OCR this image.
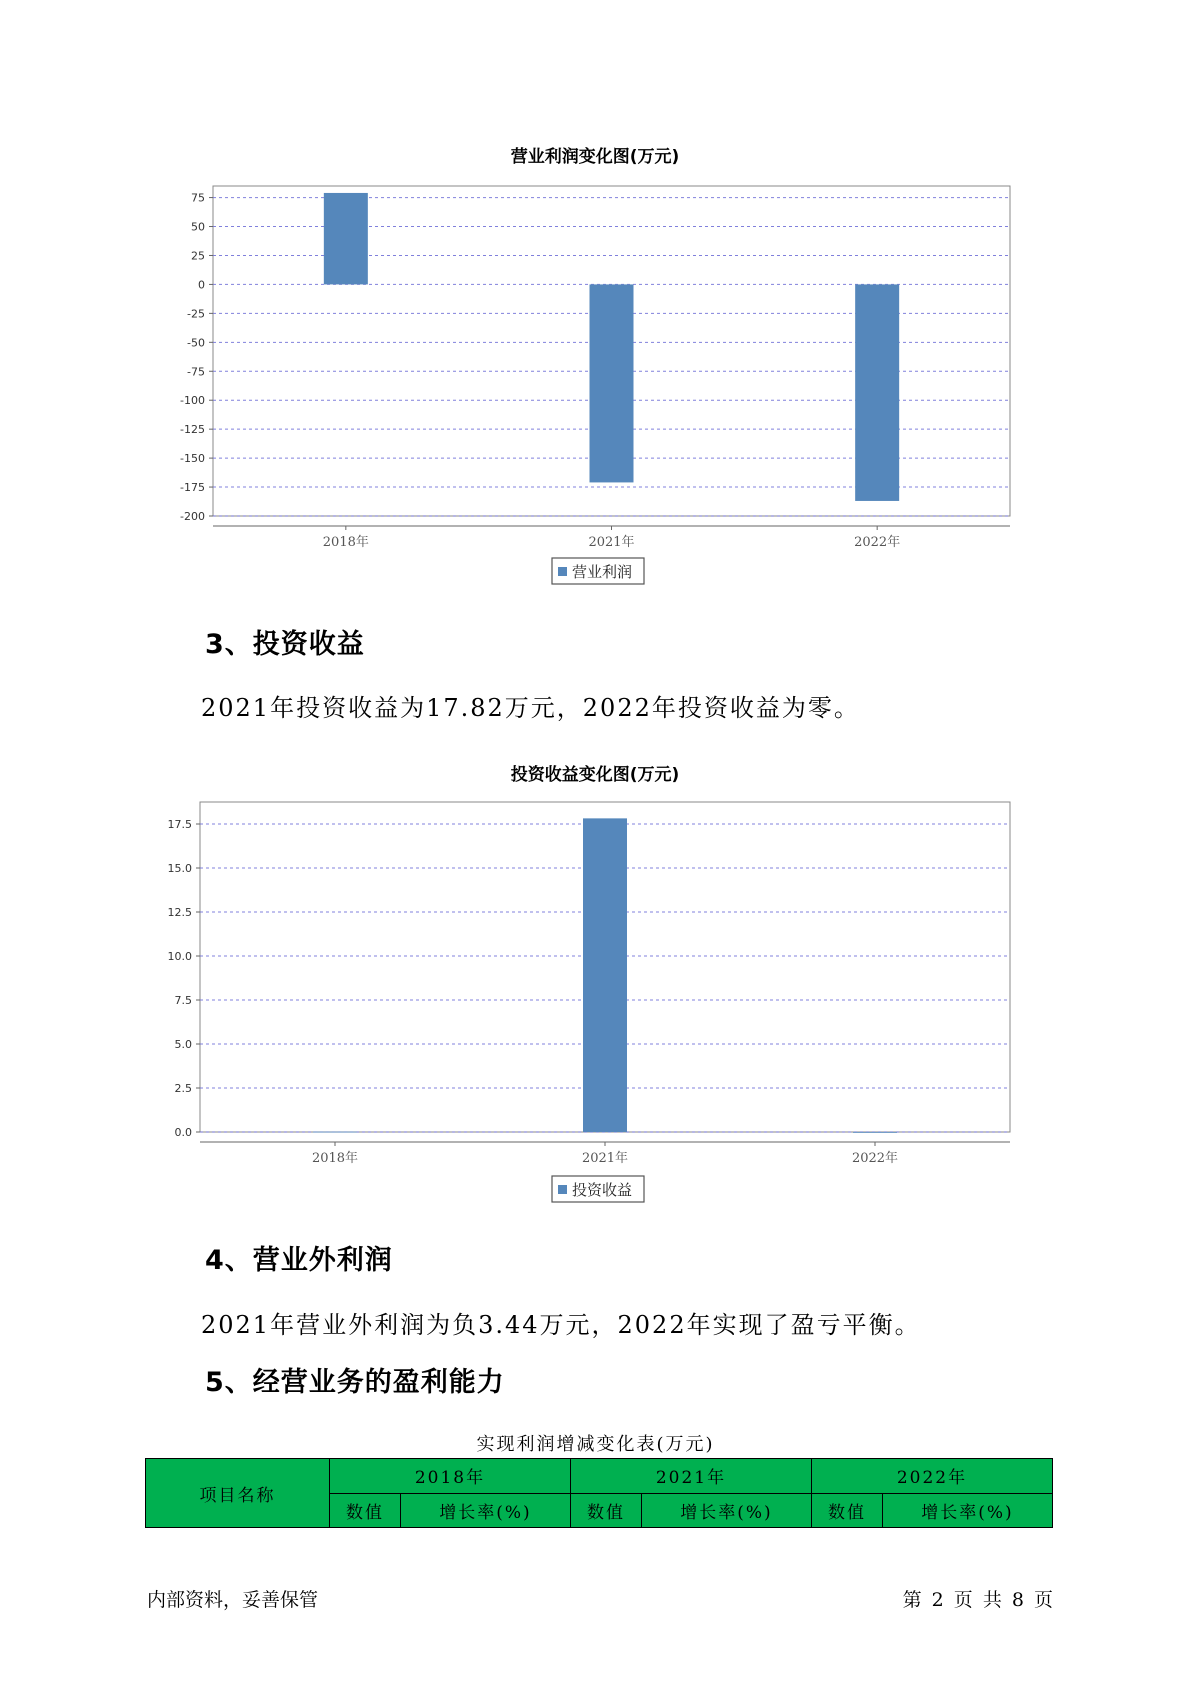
营业利润变化图(万元)
75
50
25
0
-25
-50
-75
-100
-125
-150
-175
-200
2018年	2021年	2022年
营业利润
3、投资收益
2021年投资收益为17.82万元，2022年投资收益为零。
投资收益变化图(万元)
0.0
2.5
5.0
7.5
10.0
12.5
15.0
17.5
2018年	2021年	2022年
投资收益
4、营业外利润
2021年营业外利润为负3.44万元，2022年实现了盈亏平衡。
5、经营业务的盈利能力
实现利润增减变化表(万元)
项目名称	2018年		2021年		2022年	
	数值	增长率(%)	数值	增长率(%)	数值	增长率(%)
内部资料，妥善保管	第 2 页 共 8 页
